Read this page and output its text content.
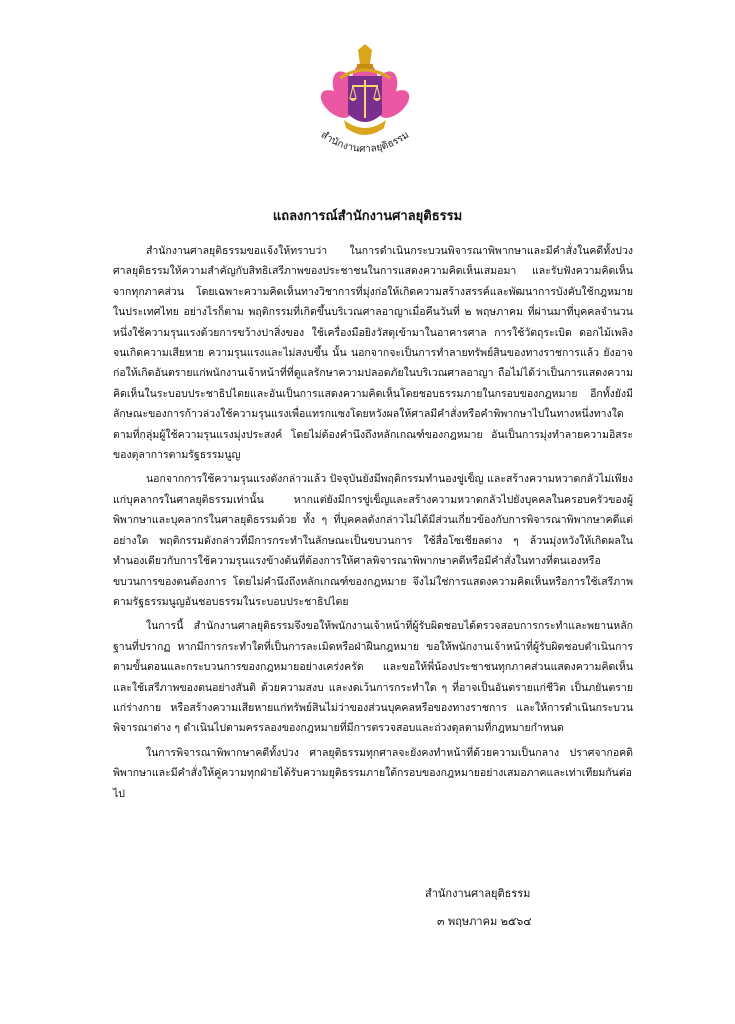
สำนักงานศาลยุติธรรม
แถลงการณ์สำนักงานศาลยุติธรรม

สำนักงานศาลยุติธรรมขอแจ้งให้ทราบว่า ในการดำเนินกระบวนพิจารณาพิพากษาและมีคำสั่งในคดีทั้งปวง ศาลยุติธรรมให้ความสำคัญกับสิทธิเสรีภาพของประชาชนในการแสดงความคิดเห็นเสมอมา และรับฟังความคิดเห็นจากทุกภาคส่วน โดยเฉพาะความคิดเห็นทางวิชาการที่มุ่งก่อให้เกิดความสร้างสรรค์และพัฒนาการบังคับใช้กฎหมายในประเทศไทย อย่างไรก็ตาม พฤติกรรมที่เกิดขึ้นบริเวณศาลอาญาเมื่อคืนวันที่ ๒ พฤษภาคม ที่ผ่านมาที่บุคคลจำนวนหนึ่งใช้ความรุนแรงด้วยการขว้างปาสิ่งของ ใช้เครื่องมือยิงวัสดุเข้ามาในอาคารศาล การใช้วัตถุระเบิด ดอกไม้เพลิง จนเกิดความเสียหาย ความรุนแรงและไม่สงบขึ้น นั้น นอกจากจะเป็นการทำลายทรัพย์สินของทางราชการแล้ว ยังอาจก่อให้เกิดอันตรายแก่พนักงานเจ้าหน้าที่ที่ดูแลรักษาความปลอดภัยในบริเวณศาลอาญา ถือไม่ได้ว่าเป็นการแสดงความคิดเห็นในระบอบประชาธิปไตยและอันเป็นการแสดงความคิดเห็นโดยชอบธรรมภายในกรอบของกฎหมาย อีกทั้งยังมีลักษณะของการก้าวล่วงใช้ความรุนแรงเพื่อแทรกแซงโดยหวังผลให้ศาลมีคำสั่งหรือคำพิพากษาไปในทางหนึ่งทางใดตามที่กลุ่มผู้ใช้ความรุนแรงมุ่งประสงค์ โดยไม่ต้องคำนึงถึงหลักเกณฑ์ของกฎหมาย อันเป็นการมุ่งทำลายความอิสระของตุลาการตามรัฐธรรมนูญ

นอกจากการใช้ความรุนแรงดังกล่าวแล้ว ปัจจุบันยังมีพฤติกรรมทำนองขู่เข็ญ และสร้างความหวาดกลัวไม่เพียงแก่บุคลากรในศาลยุติธรรมเท่านั้น หากแต่ยังมีการขู่เข็ญและสร้างความหวาดกลัวไปยังบุคคลในครอบครัวของผู้พิพากษาและบุคลากรในศาลยุติธรรมด้วย ทั้ง ๆ ที่บุคคลดังกล่าวไม่ได้มีส่วนเกี่ยวข้องกับการพิจารณาพิพากษาคดีแต่อย่างใด พฤติกรรมดังกล่าวที่มีการกระทำในลักษณะเป็นขบวนการ ใช้สื่อโซเชียลต่าง ๆ ล้วนมุ่งหวังให้เกิดผลในทำนองเดียวกับการใช้ความรุนแรงข้างต้นที่ต้องการให้ศาลพิจารณาพิพากษาคดีหรือมีคำสั่งในทางที่ตนเองหรือขบวนการของตนต้องการ โดยไม่คำนึงถึงหลักเกณฑ์ของกฎหมาย จึงไม่ใช่การแสดงความคิดเห็นหรือการใช้เสรีภาพตามรัฐธรรมนูญอันชอบธรรมในระบอบประชาธิปไตย

ในการนี้ สำนักงานศาลยุติธรรมจึงขอให้พนักงานเจ้าหน้าที่ผู้รับผิดชอบได้ตรวจสอบการกระทำและพยานหลักฐานที่ปรากฏ หากมีการกระทำใดที่เป็นการละเมิดหรือฝ่าฝืนกฎหมาย ขอให้พนักงานเจ้าหน้าที่ผู้รับผิดชอบดำเนินการตามขั้นตอนและกระบวนการของกฎหมายอย่างเคร่งครัด และขอให้พี่น้องประชาชนทุกภาคส่วนแสดงความคิดเห็นและใช้เสรีภาพของตนอย่างสันติ ด้วยความสงบ และงดเว้นการกระทำใด ๆ ที่อาจเป็นอันตรายแก่ชีวิต เป็นภยันตรายแก่ร่างกาย หรือสร้างความเสียหายแก่ทรัพย์สินไม่ว่าของส่วนบุคคลหรือของทางราชการ และให้การดำเนินกระบวนพิจารณาต่าง ๆ ดำเนินไปตามครรลองของกฎหมายที่มีการตรวจสอบและถ่วงดุลตามที่กฎหมายกำหนด

ในการพิจารณาพิพากษาคดีทั้งปวง ศาลยุติธรรมทุกศาลจะยังคงทำหน้าที่ด้วยความเป็นกลาง ปราศจากอคติ พิพากษาและมีคำสั่งให้คู่ความทุกฝ่ายได้รับความยุติธรรมภายใต้กรอบของกฎหมายอย่างเสมอภาคและเท่าเทียมกันต่อไป

สำนักงานศาลยุติธรรม
๓ พฤษภาคม ๒๕๖๔
